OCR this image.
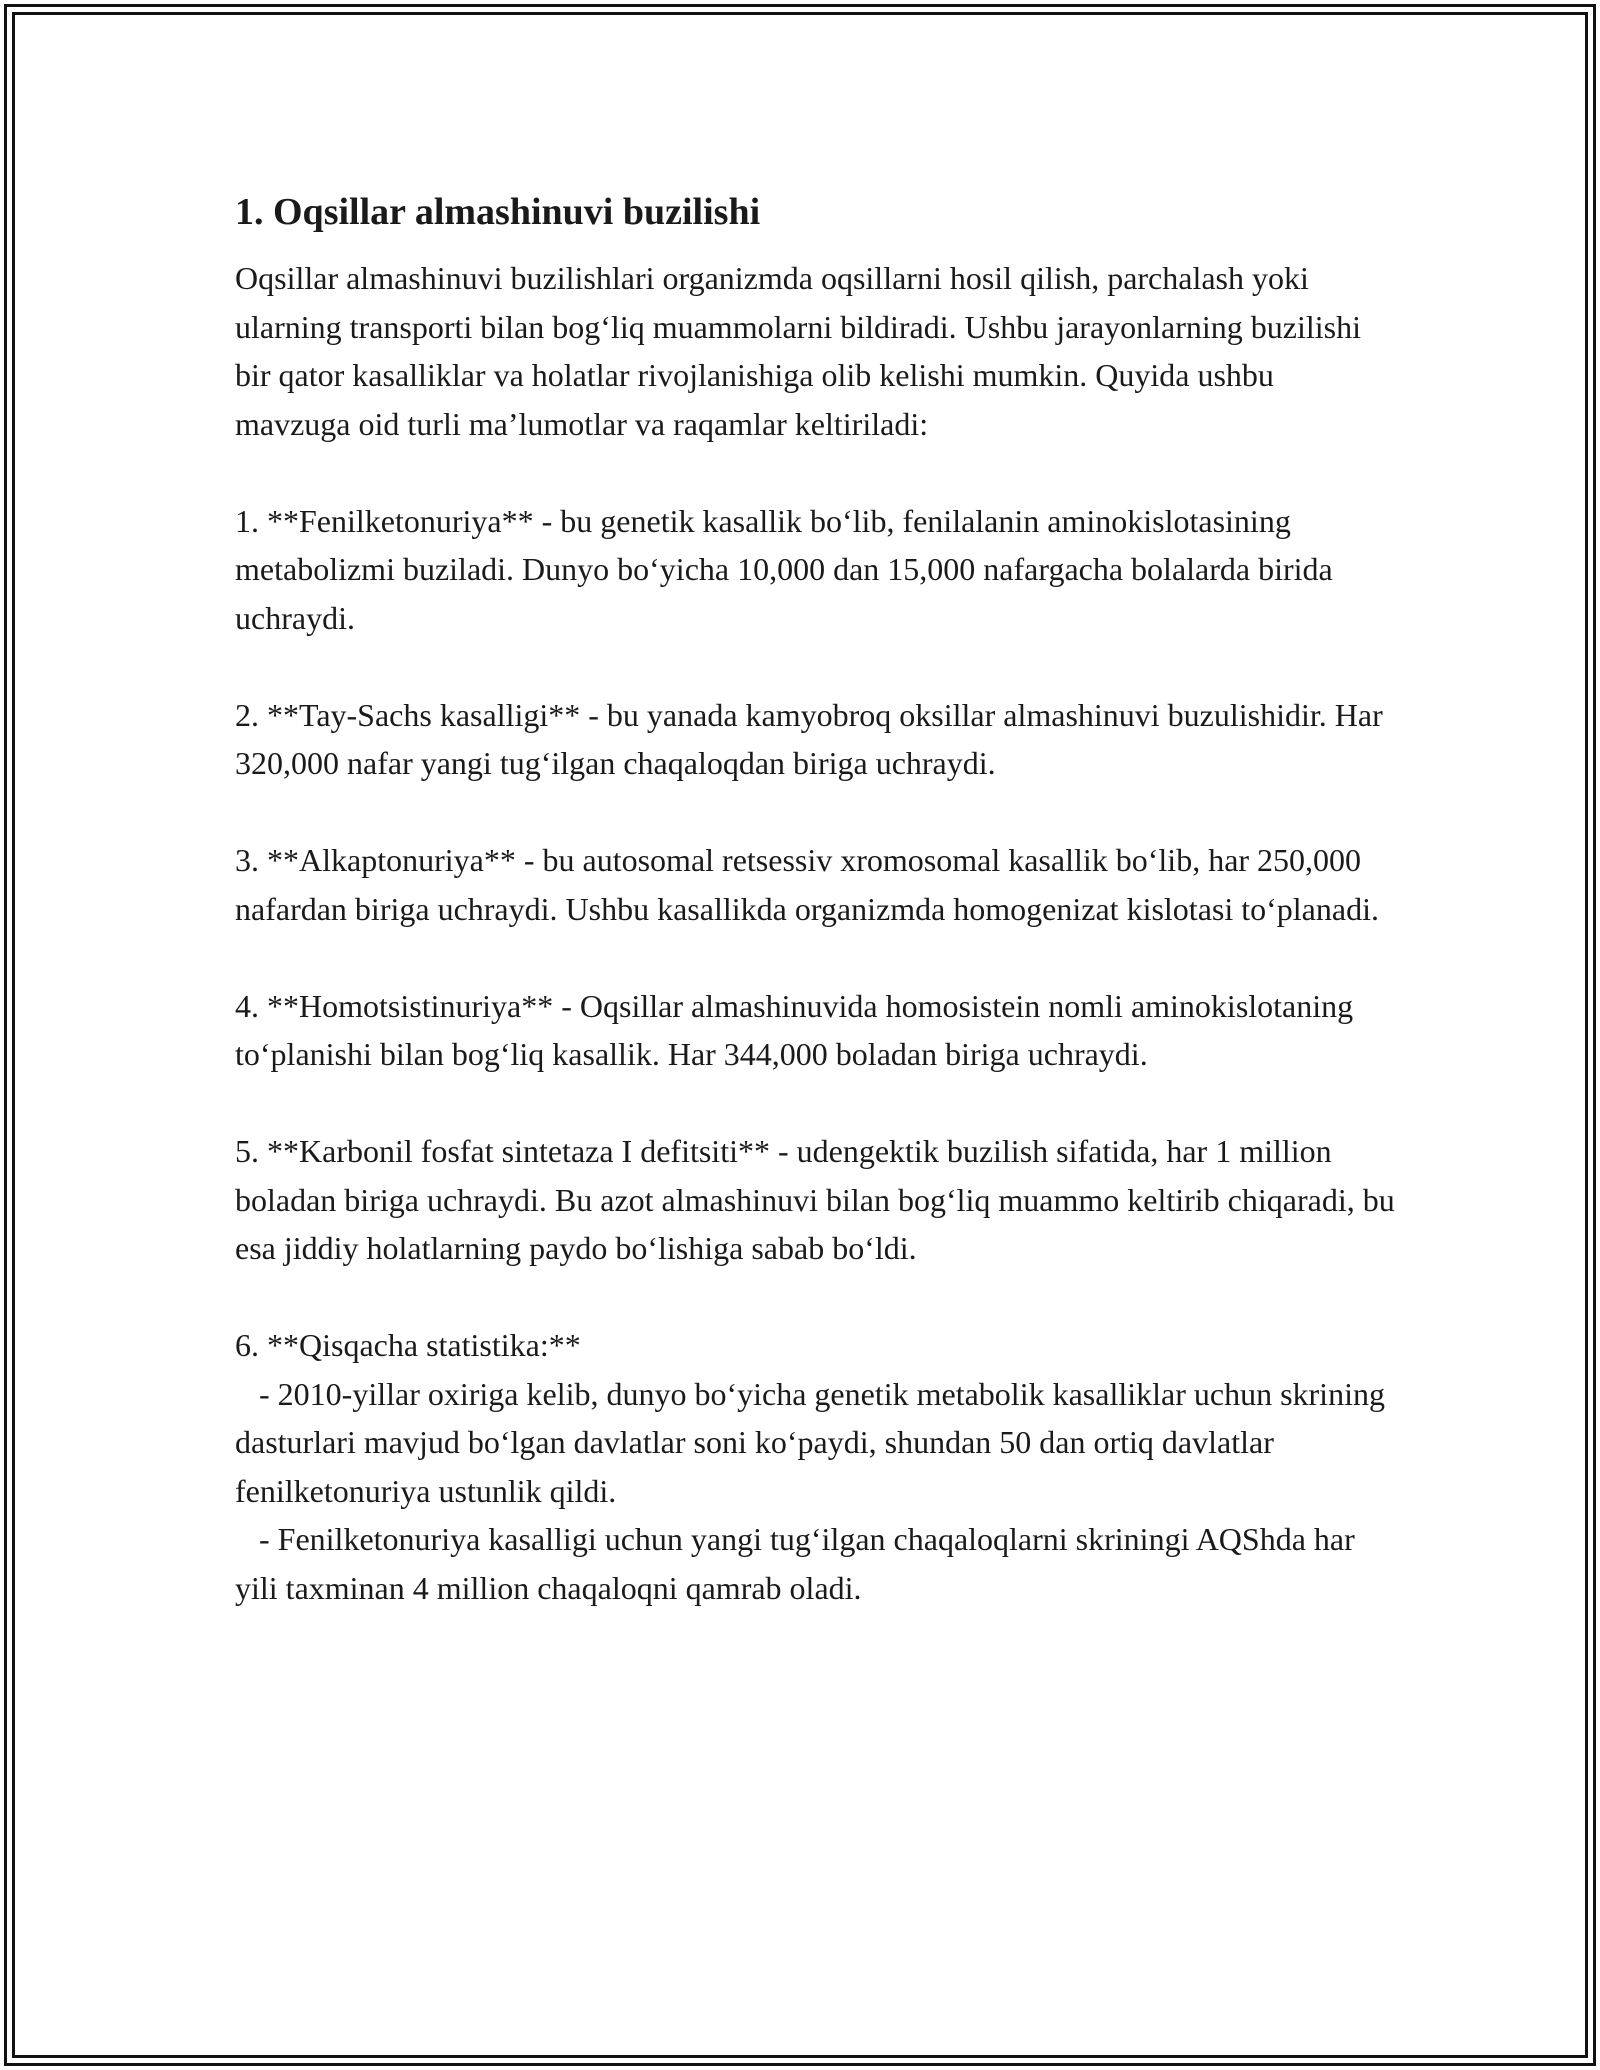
1. Oqsillar almashinuvi buzilishi

Oqsillar almashinuvi buzilishlari organizmda oqsillarni hosil qilish, parchalash yoki ularning transporti bilan bog‘liq muammolarni bildiradi. Ushbu jarayonlarning buzilishi bir qator kasalliklar va holatlar rivojlanishiga olib kelishi mumkin. Quyida ushbu mavzuga oid turli ma’lumotlar va raqamlar keltiriladi:

1. **Fenilketonuriya** - bu genetik kasallik bo‘lib, fenilalanin aminokislotasining metabolizmi buziladi. Dunyo bo‘yicha 10,000 dan 15,000 nafargacha bolalarda birida uchraydi.

2. **Tay-Sachs kasalligi** - bu yanada kamyobroq oksillar almashinuvi buzulishidir. Har 320,000 nafar yangi tug‘ilgan chaqaloqdan biriga uchraydi.

3. **Alkaptonuriya** - bu autosomal retsessiv xromosomal kasallik bo‘lib, har 250,000 nafardan biriga uchraydi. Ushbu kasallikda organizmda homogenizat kislotasi to‘planadi.

4. **Homotsistinuriya** - Oqsillar almashinuvida homosistein nomli aminokislotaning to‘planishi bilan bog‘liq kasallik. Har 344,000 boladan biriga uchraydi.

5. **Karbonil fosfat sintetaza I defitsiti** - udengektik buzilish sifatida, har 1 million boladan biriga uchraydi. Bu azot almashinuvi bilan bog‘liq muammo keltirib chiqaradi, bu esa jiddiy holatlarning paydo bo‘lishiga sabab bo‘ldi.

6. **Qisqacha statistika:**
- 2010-yillar oxiriga kelib, dunyo bo‘yicha genetik metabolik kasalliklar uchun skrining dasturlari mavjud bo‘lgan davlatlar soni ko‘paydi, shundan 50 dan ortiq davlatlar fenilketonuriya ustunlik qildi.
- Fenilketonuriya kasalligi uchun yangi tug‘ilgan chaqaloqlarni skriningi AQShda har yili taxminan 4 million chaqaloqni qamrab oladi.
